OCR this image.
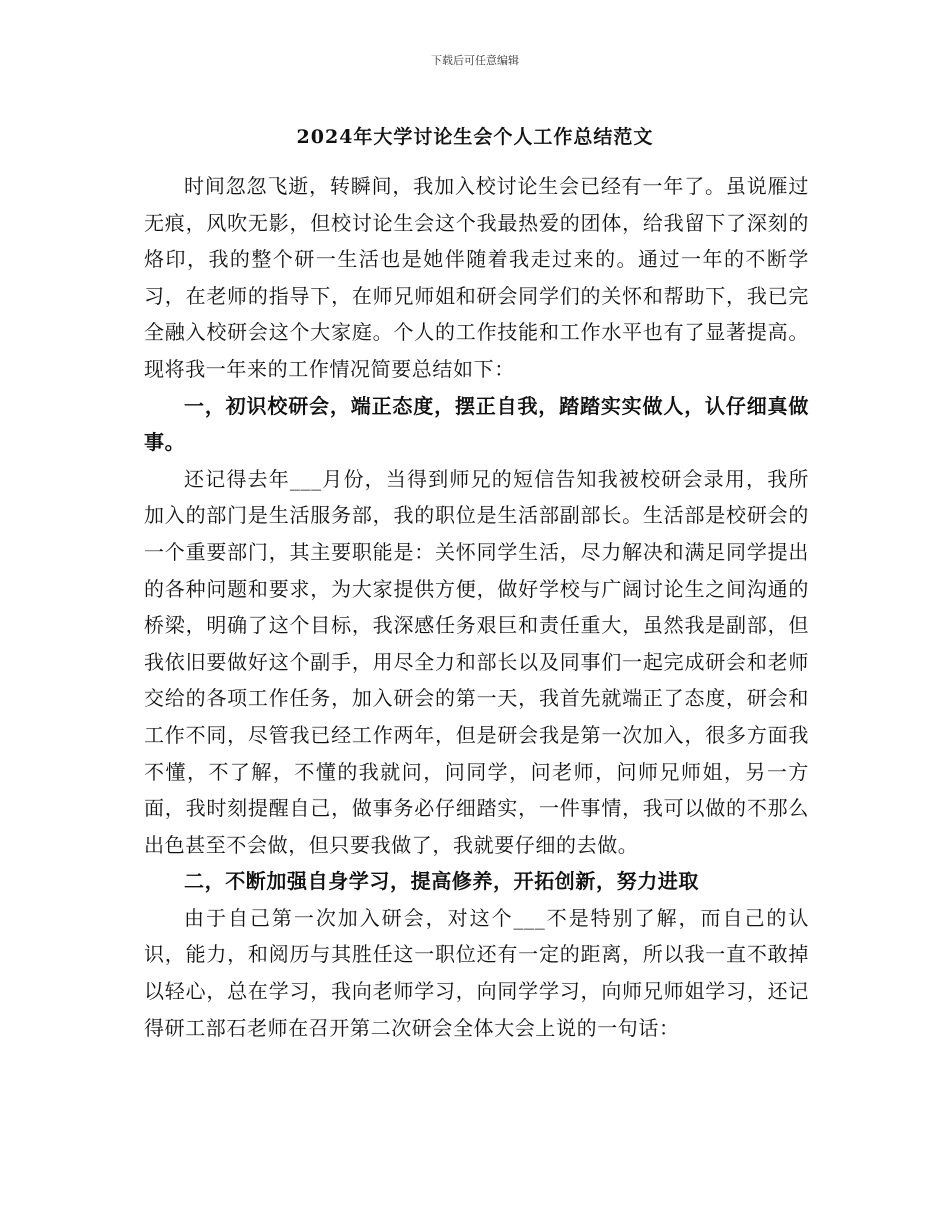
下载后可任意编辑
2024年大学讨论生会个人工作总结范文

时间忽忽飞逝，转瞬间，我加入校讨论生会已经有一年了。虽说雁过无痕，风吹无影，但校讨论生会这个我最热爱的团体，给我留下了深刻的烙印，我的整个研一生活也是她伴随着我走过来的。通过一年的不断学习，在老师的指导下，在师兄师姐和研会同学们的关怀和帮助下，我已完全融入校研会这个大家庭。个人的工作技能和工作水平也有了显著提高。现将我一年来的工作情况简要总结如下：

一，初识校研会，端正态度，摆正自我，踏踏实实做人，认仔细真做事。

还记得去年___月份，当得到师兄的短信告知我被校研会录用，我所加入的部门是生活服务部，我的职位是生活部副部长。生活部是校研会的一个重要部门，其主要职能是：关怀同学生活，尽力解决和满足同学提出的各种问题和要求，为大家提供方便，做好学校与广阔讨论生之间沟通的桥梁，明确了这个目标，我深感任务艰巨和责任重大，虽然我是副部，但我依旧要做好这个副手，用尽全力和部长以及同事们一起完成研会和老师交给的各项工作任务，加入研会的第一天，我首先就端正了态度，研会和工作不同，尽管我已经工作两年，但是研会我是第一次加入，很多方面我不懂，不了解，不懂的我就问，问同学，问老师，问师兄师姐，另一方面，我时刻提醒自己，做事务必仔细踏实，一件事情，我可以做的不那么出色甚至不会做，但只要我做了，我就要仔细的去做。

二，不断加强自身学习，提高修养，开拓创新，努力进取

由于自己第一次加入研会，对这个___不是特别了解，而自己的认识，能力，和阅历与其胜任这一职位还有一定的距离，所以我一直不敢掉以轻心，总在学习，我向老师学习，向同学学习，向师兄师姐学习，还记得研工部石老师在召开第二次研会全体大会上说的一句话：
